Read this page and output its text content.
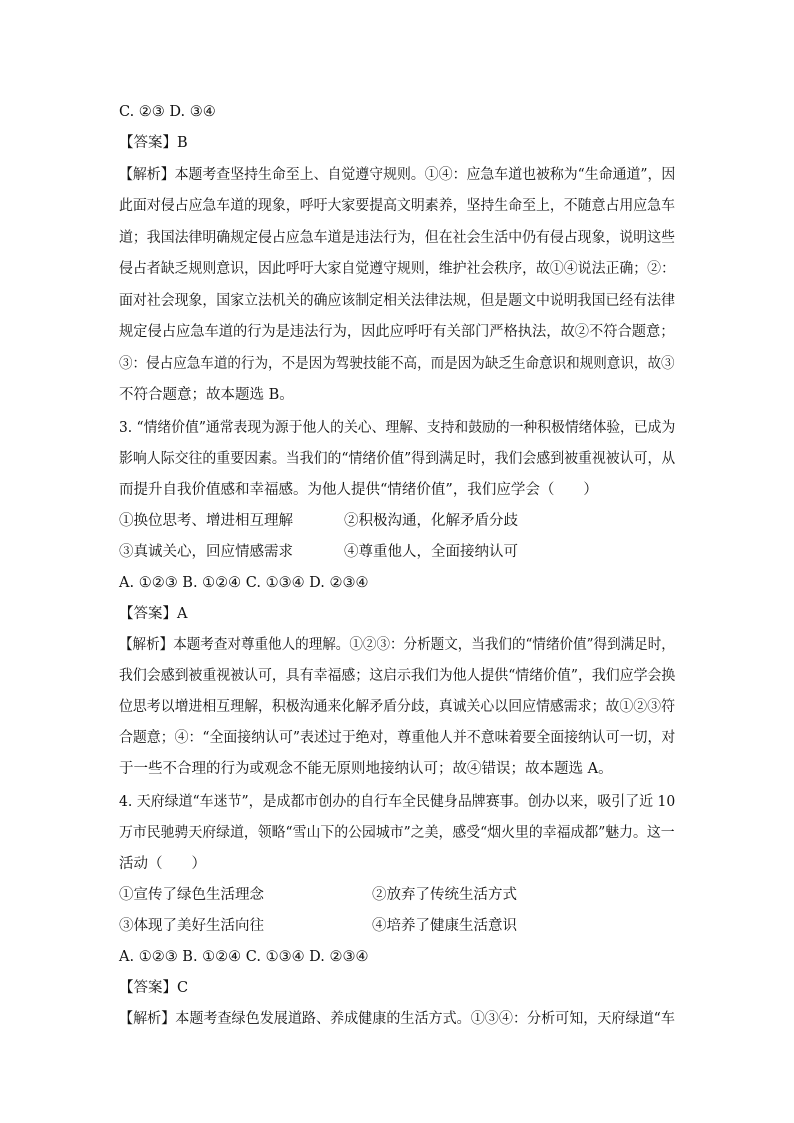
C. ②③ D. ③④
【答案】B
【解析】本题考查坚持生命至上、自觉遵守规则。①④：应急车道也被称为“生命通道”，因
此面对侵占应急车道的现象，呼吁大家要提高文明素养，坚持生命至上，不随意占用应急车
道；我国法律明确规定侵占应急车道是违法行为，但在社会生活中仍有侵占现象，说明这些
侵占者缺乏规则意识，因此呼吁大家自觉遵守规则，维护社会秩序，故①④说法正确；②：
面对社会现象，国家立法机关的确应该制定相关法律法规，但是题文中说明我国已经有法律
规定侵占应急车道的行为是违法行为，因此应呼吁有关部门严格执法，故②不符合题意；
③：侵占应急车道的行为，不是因为驾驶技能不高，而是因为缺乏生命意识和规则意识，故③
不符合题意；故本题选 B。
3. “情绪价值”通常表现为源于他人的关心、理解、支持和鼓励的一种积极情绪体验，已成为
影响人际交往的重要因素。当我们的“情绪价值”得到满足时，我们会感到被重视被认可，从
而提升自我价值感和幸福感。为他人提供“情绪价值”，我们应学会（　　）
①换位思考、增进相互理解	②积极沟通，化解矛盾分歧
③真诚关心，回应情感需求	④尊重他人，全面接纳认可
A. ①②③ B. ①②④ C. ①③④ D. ②③④
【答案】A
【解析】本题考查对尊重他人的理解。①②③：分析题文，当我们的“情绪价值”得到满足时，
我们会感到被重视被认可，具有幸福感；这启示我们为他人提供“情绪价值”，我们应学会换
位思考以增进相互理解，积极沟通来化解矛盾分歧，真诚关心以回应情感需求；故①②③符
合题意；④：“全面接纳认可”表述过于绝对，尊重他人并不意味着要全面接纳认可一切，对
于一些不合理的行为或观念不能无原则地接纳认可；故④错误；故本题选 A。
4. 天府绿道“车迷节”，是成都市创办的自行车全民健身品牌赛事。创办以来，吸引了近 10
万市民驰骋天府绿道，领略“雪山下的公园城市”之美，感受“烟火里的幸福成都”魅力。这一
活动（　　）
①宣传了绿色生活理念	②放弃了传统生活方式
③体现了美好生活向往	④培养了健康生活意识
A. ①②③ B. ①②④ C. ①③④ D. ②③④
【答案】C
【解析】本题考查绿色发展道路、养成健康的生活方式。①③④：分析可知，天府绿道“车
